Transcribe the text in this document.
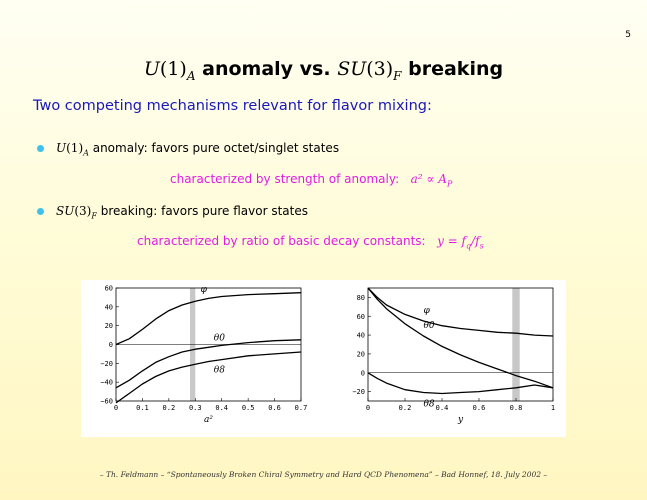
5
$U(1)_A$ anomaly vs. $SU(3)_F$ breaking
Two competing mechanisms relevant for flavor mixing:
$U(1)_A$ anomaly: favors pure octet/singlet states
characterized by strength of anomaly: $a^2 \propto A_P$
$SU(3)_F$ breaking: favors pure flavor states
characterized by ratio of basic decay constants: $y = f_q/f_s$
0	0.1 0.2 0.3 0.4 0.5 0.6 0.7
60
40
20
0
−20
−40
−60
a²
φ
θ0
θ8
0	0.2	0.4	0.6	0.8	1
80
60
40
20
0
−20
y
φ
θ0
θ8
– Th. Feldmann – “Spontaneously Broken Chiral Symmetry and Hard QCD Phenomena” – Bad Honnef, 18. July 2002 –
